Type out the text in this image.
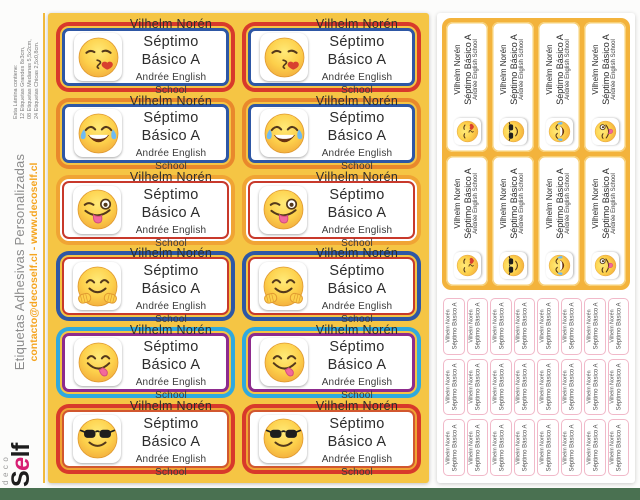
Esta Lámina contiene: 12 Etiquetas Grandes 8x3cm, 08 Etiquetas Medianas 5,5x2cm, 24 Etiquetas Chicas 2,5x0,8cm.
Etiquetas Adhesivas Personalizadas contacto@decoself.cl - www.decoself.cl
deco
Self
Vilhelm Norén
Séptimo Básico A
Andrée English School
Vilhelm Norén
Séptimo Básico A
Andrée English School
Vilhelm Norén
Séptimo Básico A
Andrée English School
Vilhelm Norén
Séptimo Básico A
Andrée English School
Vilhelm Norén
Séptimo Básico A
Andrée English School
Vilhelm Norén
Séptimo Básico A
Andrée English School
Vilhelm Norén
Séptimo Básico A
Andrée English School
Vilhelm Norén
Séptimo Básico A
Andrée English School
Vilhelm Norén
Séptimo Básico A
Andrée English School
Vilhelm Norén
Séptimo Básico A
Andrée English School
Vilhelm Norén
Séptimo Básico A
Andrée English School
Vilhelm Norén
Séptimo Básico A
Andrée English School
Vilhelm Norén Séptimo Básico A Andrée English School Vilhelm Norén Séptimo Básico A Andrée English School Vilhelm Norén Séptimo Básico A Andrée English School Vilhelm Norén Séptimo Básico A Andrée English School
Vilhelm Norén Séptimo Básico A Andrée English School Vilhelm Norén Séptimo Básico A Andrée English School Vilhelm Norén Séptimo Básico A Andrée English School Vilhelm Norén Séptimo Básico A Andrée English School
Vilhelm Norén Séptimo Básico A Vilhelm Norén Séptimo Básico A Vilhelm Norén Séptimo Básico A Vilhelm Norén Séptimo Básico A Vilhelm Norén Séptimo Básico A Vilhelm Norén Séptimo Básico A Vilhelm Norén Séptimo Básico A Vilhelm Norén Séptimo Básico A
Vilhelm Norén Séptimo Básico A Vilhelm Norén Séptimo Básico A Vilhelm Norén Séptimo Básico A Vilhelm Norén Séptimo Básico A Vilhelm Norén Séptimo Básico A Vilhelm Norén Séptimo Básico A Vilhelm Norén Séptimo Básico A Vilhelm Norén Séptimo Básico A
Vilhelm Norén Séptimo Básico A Vilhelm Norén Séptimo Básico A Vilhelm Norén Séptimo Básico A Vilhelm Norén Séptimo Básico A Vilhelm Norén Séptimo Básico A Vilhelm Norén Séptimo Básico A Vilhelm Norén Séptimo Básico A Vilhelm Norén Séptimo Básico A
